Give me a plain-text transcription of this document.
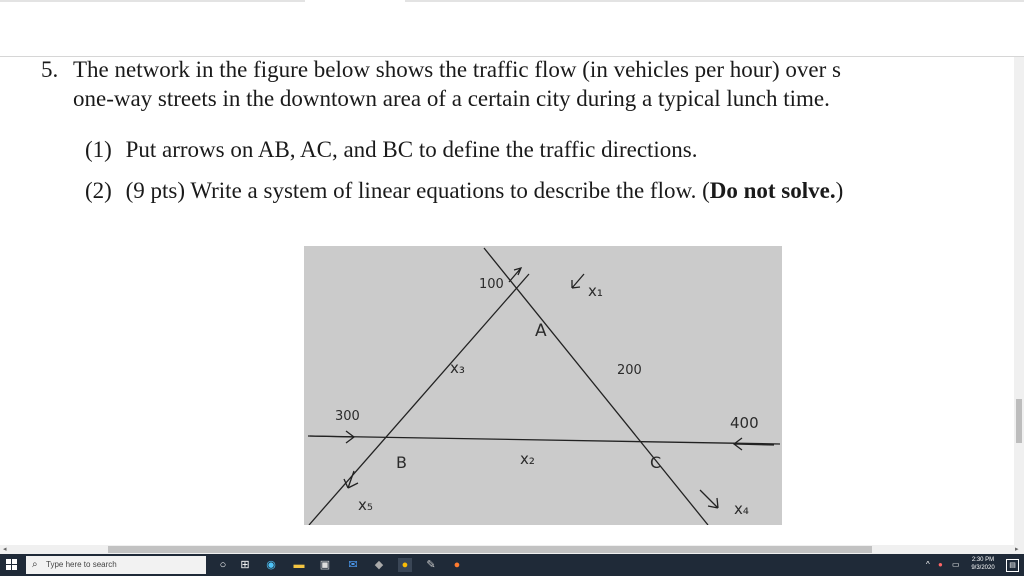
5. The network in the figure below shows the traffic flow (in vehicles per hour) over s
one-way streets in the downtown area of a certain city during a typical lunch time.
(1) Put arrows on AB, AC, and BC to define the traffic directions.
(2) (9 pts) Write a system of linear equations to describe the flow. (Do not solve.)
100	x₁
A
x₃	200
300	400
B	x₂	C
x₅	x₄
◂	▸
⌕ Type here to search	○	⊞ ◉ ▬ ▣ ✉ ◆	●	✎	●	^ ● ▭	2:30 PM
9/3/2020	▤
